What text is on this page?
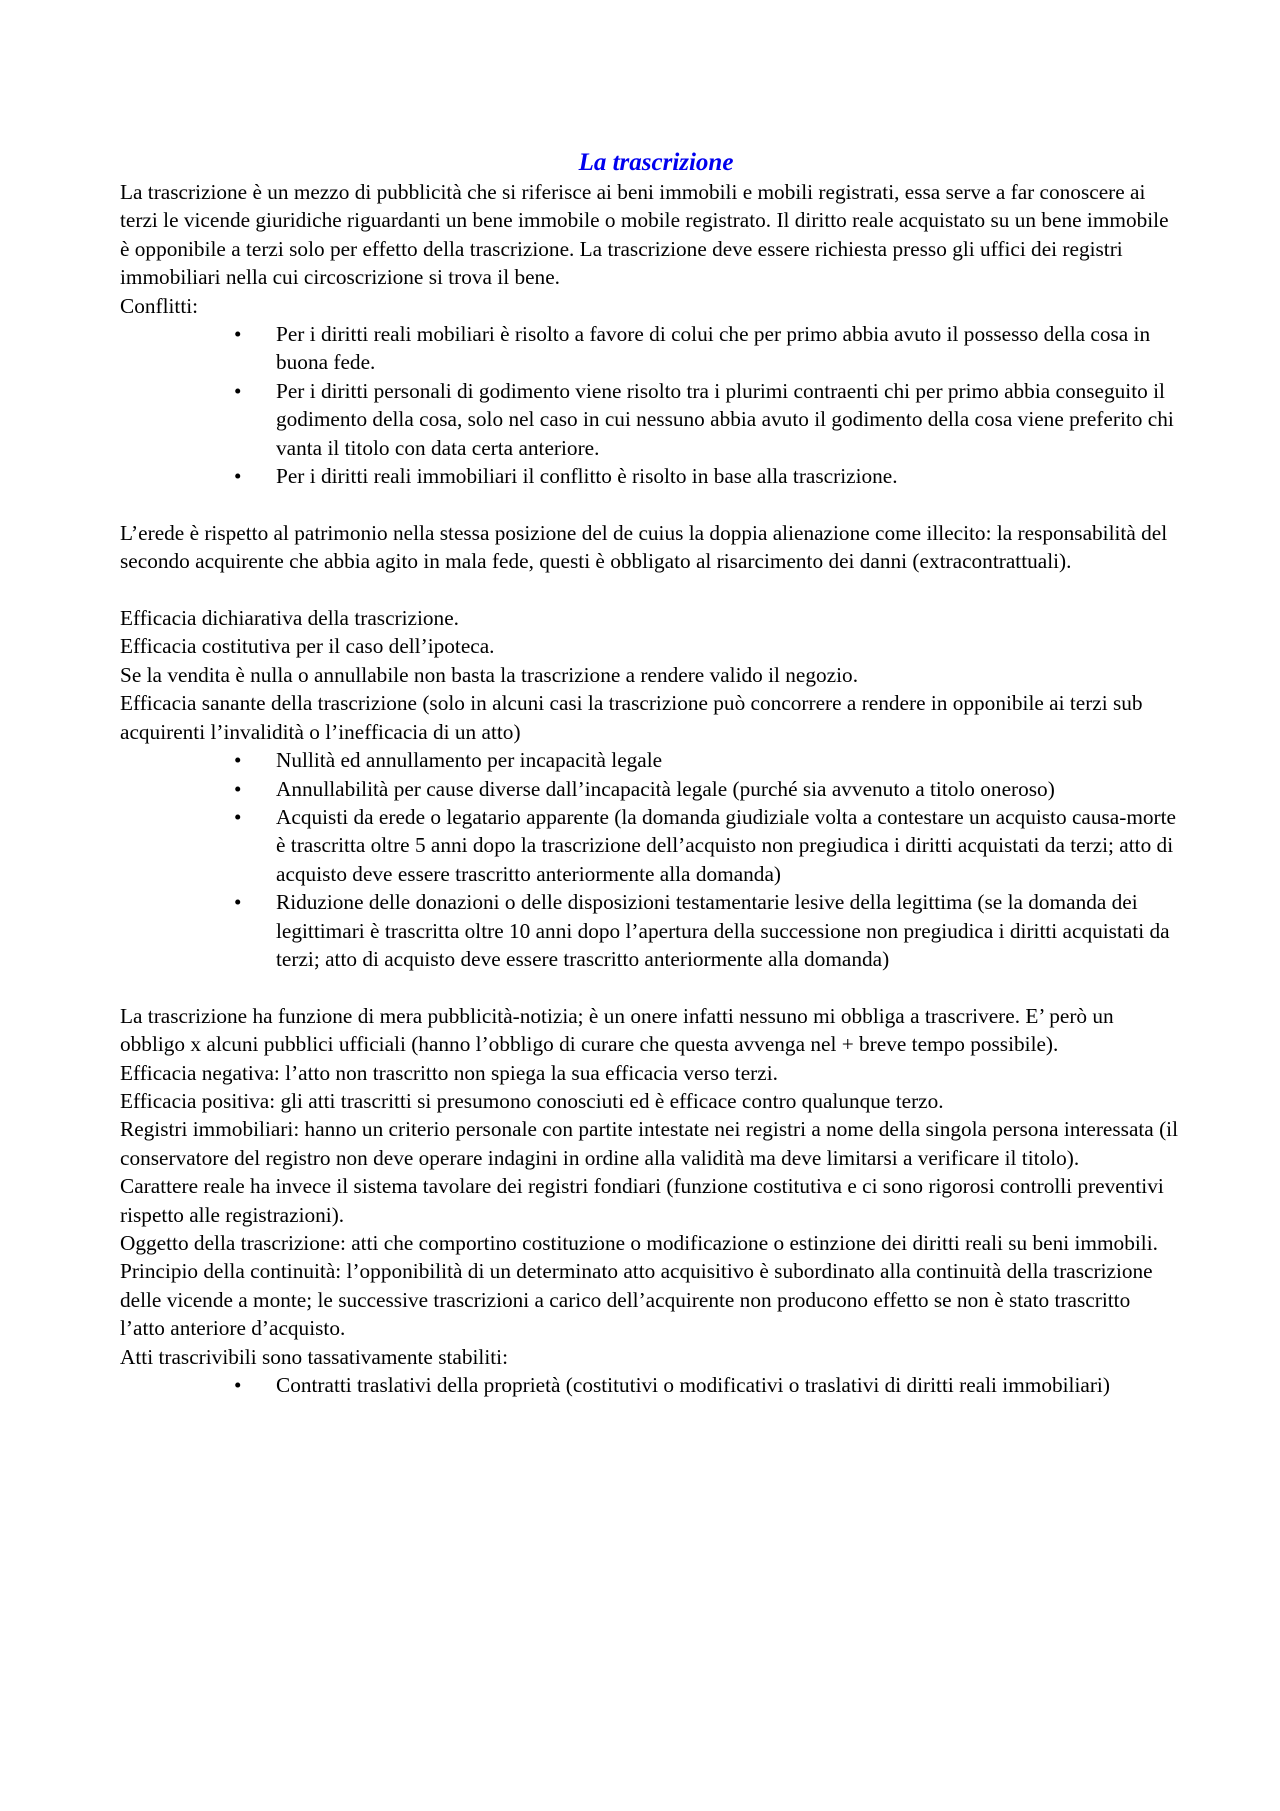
La trascrizione

La trascrizione è un mezzo di pubblicità che si riferisce ai beni immobili e mobili registrati, essa serve a far conoscere ai terzi le vicende giuridiche riguardanti un bene immobile o mobile registrato. Il diritto reale acquistato su un bene immobile è opponibile a terzi solo per effetto della trascrizione. La trascrizione deve essere richiesta presso gli uffici dei registri immobiliari nella cui circoscrizione si trova il bene.

Conflitti:

• Per i diritti reali mobiliari è risolto a favore di colui che per primo abbia avuto il possesso della cosa in buona fede.
• Per i diritti personali di godimento viene risolto tra i plurimi contraenti chi per primo abbia conseguito il godimento della cosa, solo nel caso in cui nessuno abbia avuto il godimento della cosa viene preferito chi vanta il titolo con data certa anteriore.
• Per i diritti reali immobiliari il conflitto è risolto in base alla trascrizione.

L’erede è rispetto al patrimonio nella stessa posizione del de cuius la doppia alienazione come illecito: la responsabilità del secondo acquirente che abbia agito in mala fede, questi è obbligato al risarcimento dei danni (extracontrattuali).

Efficacia dichiarativa della trascrizione.

Efficacia costitutiva per il caso dell’ipoteca.

Se la vendita è nulla o annullabile non basta la trascrizione a rendere valido il negozio.

Efficacia sanante della trascrizione (solo in alcuni casi la trascrizione può concorrere a rendere in opponibile ai terzi sub acquirenti l’invalidità o l’inefficacia di un atto)

• Nullità ed annullamento per incapacità legale
• Annullabilità per cause diverse dall’incapacità legale (purché sia avvenuto a titolo oneroso)
• Acquisti da erede o legatario apparente (la domanda giudiziale volta a contestare un acquisto causa-morte è trascritta oltre 5 anni dopo la trascrizione dell’acquisto non pregiudica i diritti acquistati da terzi; atto di acquisto deve essere trascritto anteriormente alla domanda)
• Riduzione delle donazioni o delle disposizioni testamentarie lesive della legittima (se la domanda dei legittimari è trascritta oltre 10 anni dopo l’apertura della successione non pregiudica i diritti acquistati da terzi; atto di acquisto deve essere trascritto anteriormente alla domanda)

La trascrizione ha funzione di mera pubblicità-notizia; è un onere infatti nessuno mi obbliga a trascrivere. E’ però un obbligo x alcuni pubblici ufficiali (hanno l’obbligo di curare che questa avvenga nel + breve tempo possibile).

Efficacia negativa: l’atto non trascritto non spiega la sua efficacia verso terzi.

Efficacia positiva: gli atti trascritti si presumono conosciuti ed è efficace contro qualunque terzo.

Registri immobiliari: hanno un criterio personale con partite intestate nei registri a nome della singola persona interessata (il conservatore del registro non deve operare indagini in ordine alla validità ma deve limitarsi a verificare il titolo).

Carattere reale ha invece il sistema tavolare dei registri fondiari (funzione costitutiva e ci sono rigorosi controlli preventivi rispetto alle registrazioni).

Oggetto della trascrizione: atti che comportino costituzione o modificazione o estinzione dei diritti reali su beni immobili.

Principio della continuità: l’opponibilità di un determinato atto acquisitivo è subordinato alla continuità della trascrizione delle vicende a monte; le successive trascrizioni a carico dell’acquirente non producono effetto se non è stato trascritto l’atto anteriore d’acquisto.

Atti trascrivibili sono tassativamente stabiliti:

• Contratti traslativi della proprietà (costitutivi o modificativi o traslativi di diritti reali immobiliari)
